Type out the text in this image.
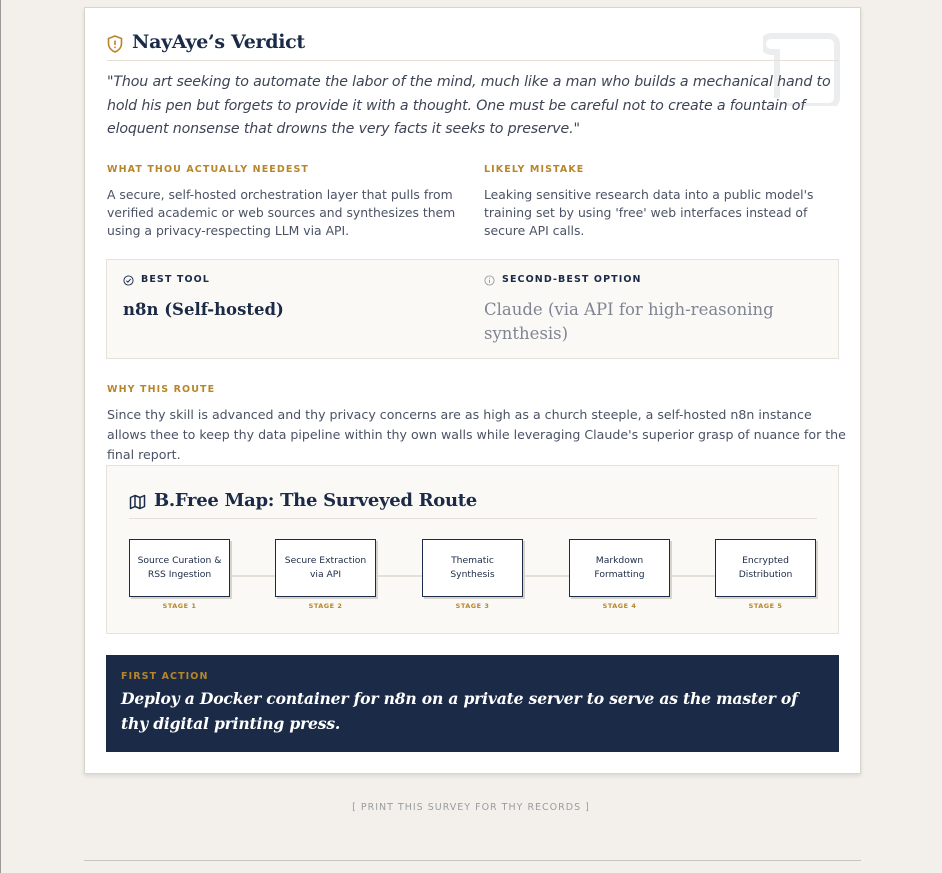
NayAye’s Verdict

"Thou art seeking to automate the labor of the mind, much like a man who builds a mechanical hand to hold his pen but forgets to provide it with a thought. One must be careful not to create a fountain of eloquent nonsense that drowns the very facts it seeks to preserve."

WHAT THOU ACTUALLY NEEDEST

A secure, self-hosted orchestration layer that pulls from verified academic or web sources and synthesizes them using a privacy-respecting LLM via API.

LIKELY MISTAKE

Leaking sensitive research data into a public model's training set by using 'free' web interfaces instead of secure API calls.

BEST TOOL
n8n (Self-hosted)
SECOND-BEST OPTION
Claude (via API for high-reasoning synthesis)
WHY THIS ROUTE

Since thy skill is advanced and thy privacy concerns are as high as a church steeple, a self-hosted n8n instance allows thee to keep thy data pipeline within thy own walls while leveraging Claude's superior grasp of nuance for the final report.

B.Free Map: The Surveyed Route
Source Curation & RSS Ingestion
STAGE 1
Secure Extraction via API
STAGE 2
Thematic Synthesis
STAGE 3
Markdown Formatting
STAGE 4
Encrypted Distribution
STAGE 5
FIRST ACTION

Deploy a Docker container for n8n on a private server to serve as the master of thy digital printing press.

[ PRINT THIS SURVEY FOR THY RECORDS ]
